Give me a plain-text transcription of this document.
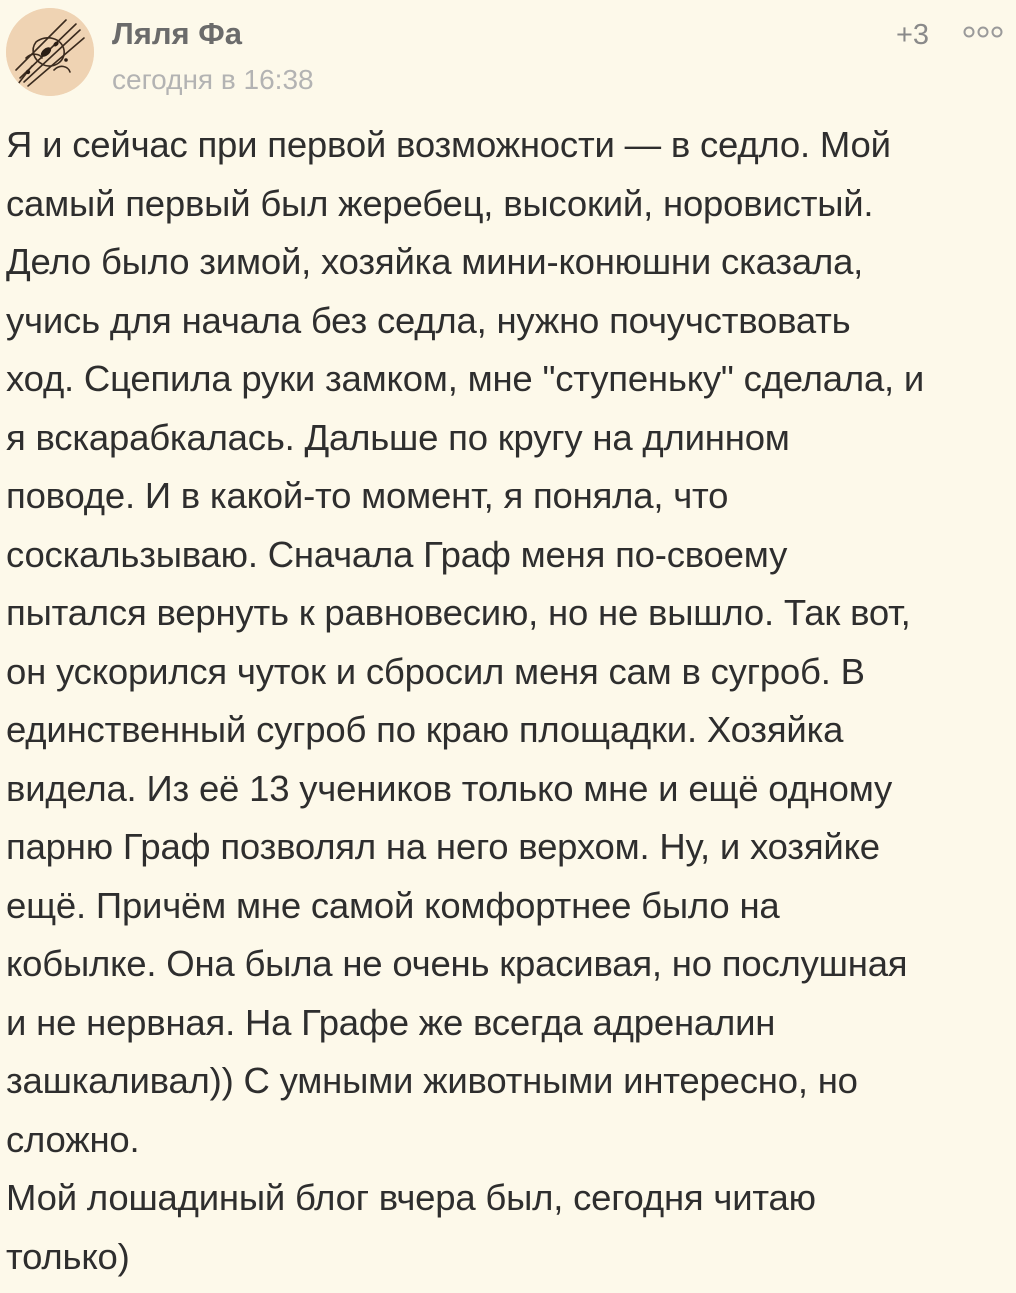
Ляля Фа
сегодня в 16:38
+3

Я и сейчас при первой возможности — в седло. Мой

самый первый был жеребец, высокий, норовистый.

Дело было зимой, хозяйка мини-конюшни сказала,

учись для начала без седла, нужно почучствовать

ход. Сцепила руки замком, мне "ступеньку" сделала, и

я вскарабкалась. Дальше по кругу на длинном

поводе. И в какой-то момент, я поняла, что

соскальзываю. Сначала Граф меня по-своему

пытался вернуть к равновесию, но не вышло. Так вот,

он ускорился чуток и сбросил меня сам в сугроб. В

единственный сугроб по краю площадки. Хозяйка

видела. Из её 13 учеников только мне и ещё одному

парню Граф позволял на него верхом. Ну, и хозяйке

ещё. Причём мне самой комфортнее было на

кобылке. Она была не очень красивая, но послушная

и не нервная. На Графе же всегда адреналин

зашкаливал)) С умными животными интересно, но

сложно.

Мой лошадиный блог вчера был, сегодня читаю

только)
